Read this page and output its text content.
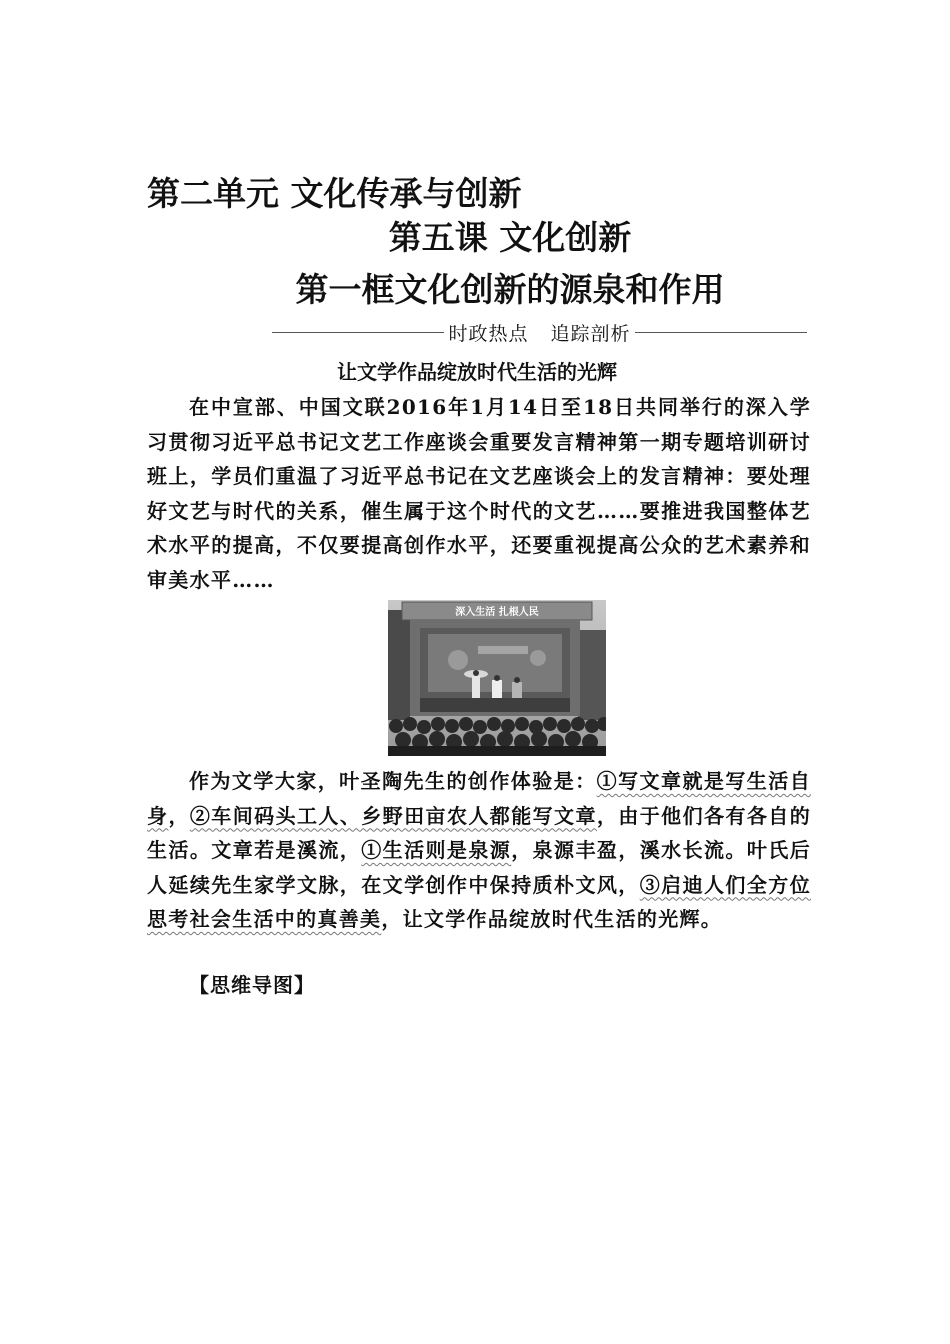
第二单元 文化传承与创新
第五课 文化创新
第一框文化创新的源泉和作用
时政热点 追踪剖析
让文学作品绽放时代生活的光辉
在中宣部、中国文联2016年1月14日至18日共同举行的深入学习贯彻习近平总书记文艺工作座谈会重要发言精神第一期专题培训研讨班上，学员们重温了习近平总书记在文艺座谈会上的发言精神：要处理好文艺与时代的关系，催生属于这个时代的文艺……要推进我国整体艺术水平的提高，不仅要提高创作水平，还要重视提高公众的艺术素养和审美水平……
深入生活 扎根人民
作为文学大家，叶圣陶先生的创作体验是：①写文章就是写生活自身，②车间码头工人、乡野田亩农人都能写文章，由于他们各有各自的生活。文章若是溪流，①生活则是泉源，泉源丰盈，溪水长流。叶氏后人延续先生家学文脉，在文学创作中保持质朴文风，③启迪人们全方位思考社会生活中的真善美，让文学作品绽放时代生活的光辉。
【思维导图】
